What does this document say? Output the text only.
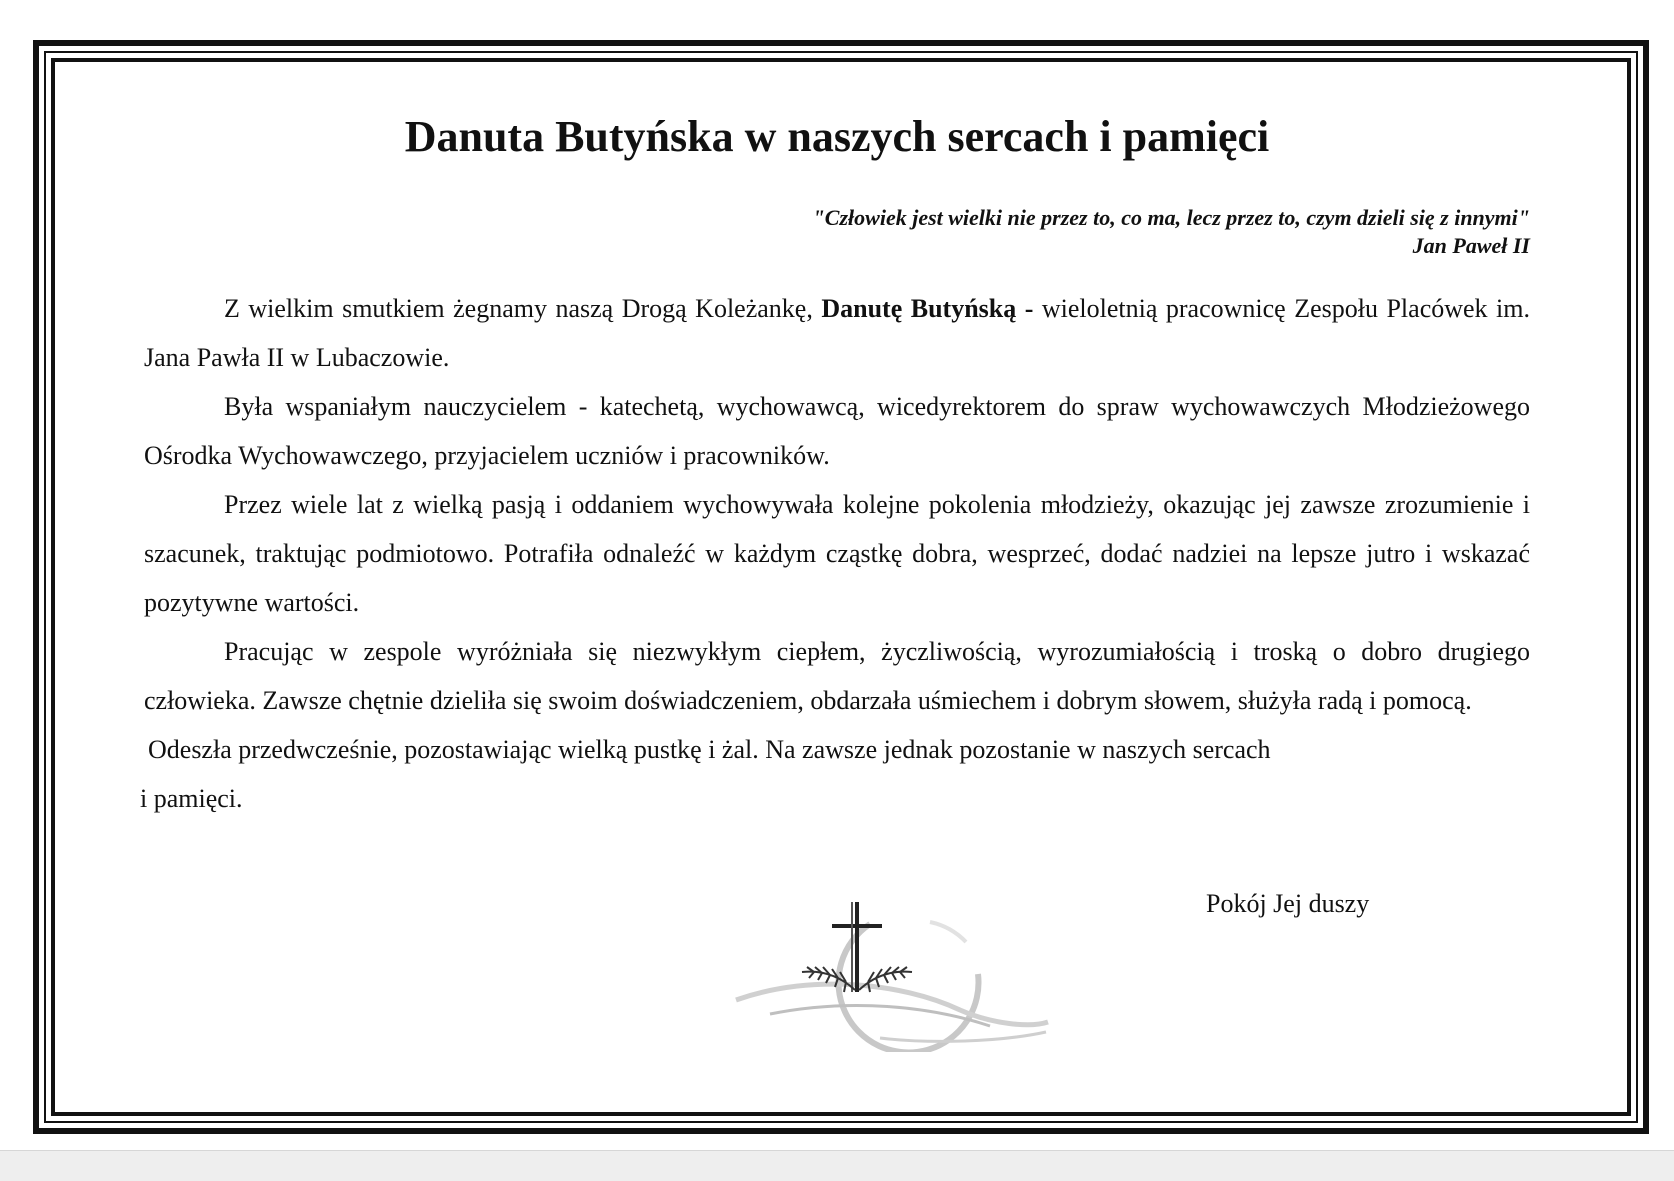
Danuta Butyńska w naszych sercach i pamięci
"Człowiek jest wielki nie przez to, co ma, lecz przez to, czym dzieli się z innymi"
Jan Paweł II

Z wielkim smutkiem żegnamy naszą Drogą Koleżankę, Danutę Butyńską - wieloletnią pracownicę Zespołu Placówek im. Jana Pawła II w Lubaczowie.

Była wspaniałym nauczycielem - katechetą, wychowawcą, wicedyrektorem do spraw wychowawczych Młodzieżowego Ośrodka Wychowawczego, przyjacielem uczniów i pracowników.

Przez wiele lat z wielką pasją i oddaniem wychowywała kolejne pokolenia młodzieży, okazując jej zawsze zrozumienie i szacunek, traktując podmiotowo. Potrafiła odnaleźć w każdym cząstkę dobra, wesprzeć, dodać nadziei na lepsze jutro i wskazać pozytywne wartości.

Pracując w zespole wyróżniała się niezwykłym ciepłem, życzliwością, wyrozumiałością i troską o dobro drugiego człowieka. Zawsze chętnie dzieliła się swoim doświadczeniem, obdarzała uśmiechem i dobrym słowem, służyła radą i pomocą.

Odeszła przedwcześnie, pozostawiając wielką pustkę i żal. Na zawsze jednak pozostanie w naszych sercach
i pamięci.

Pokój Jej duszy
